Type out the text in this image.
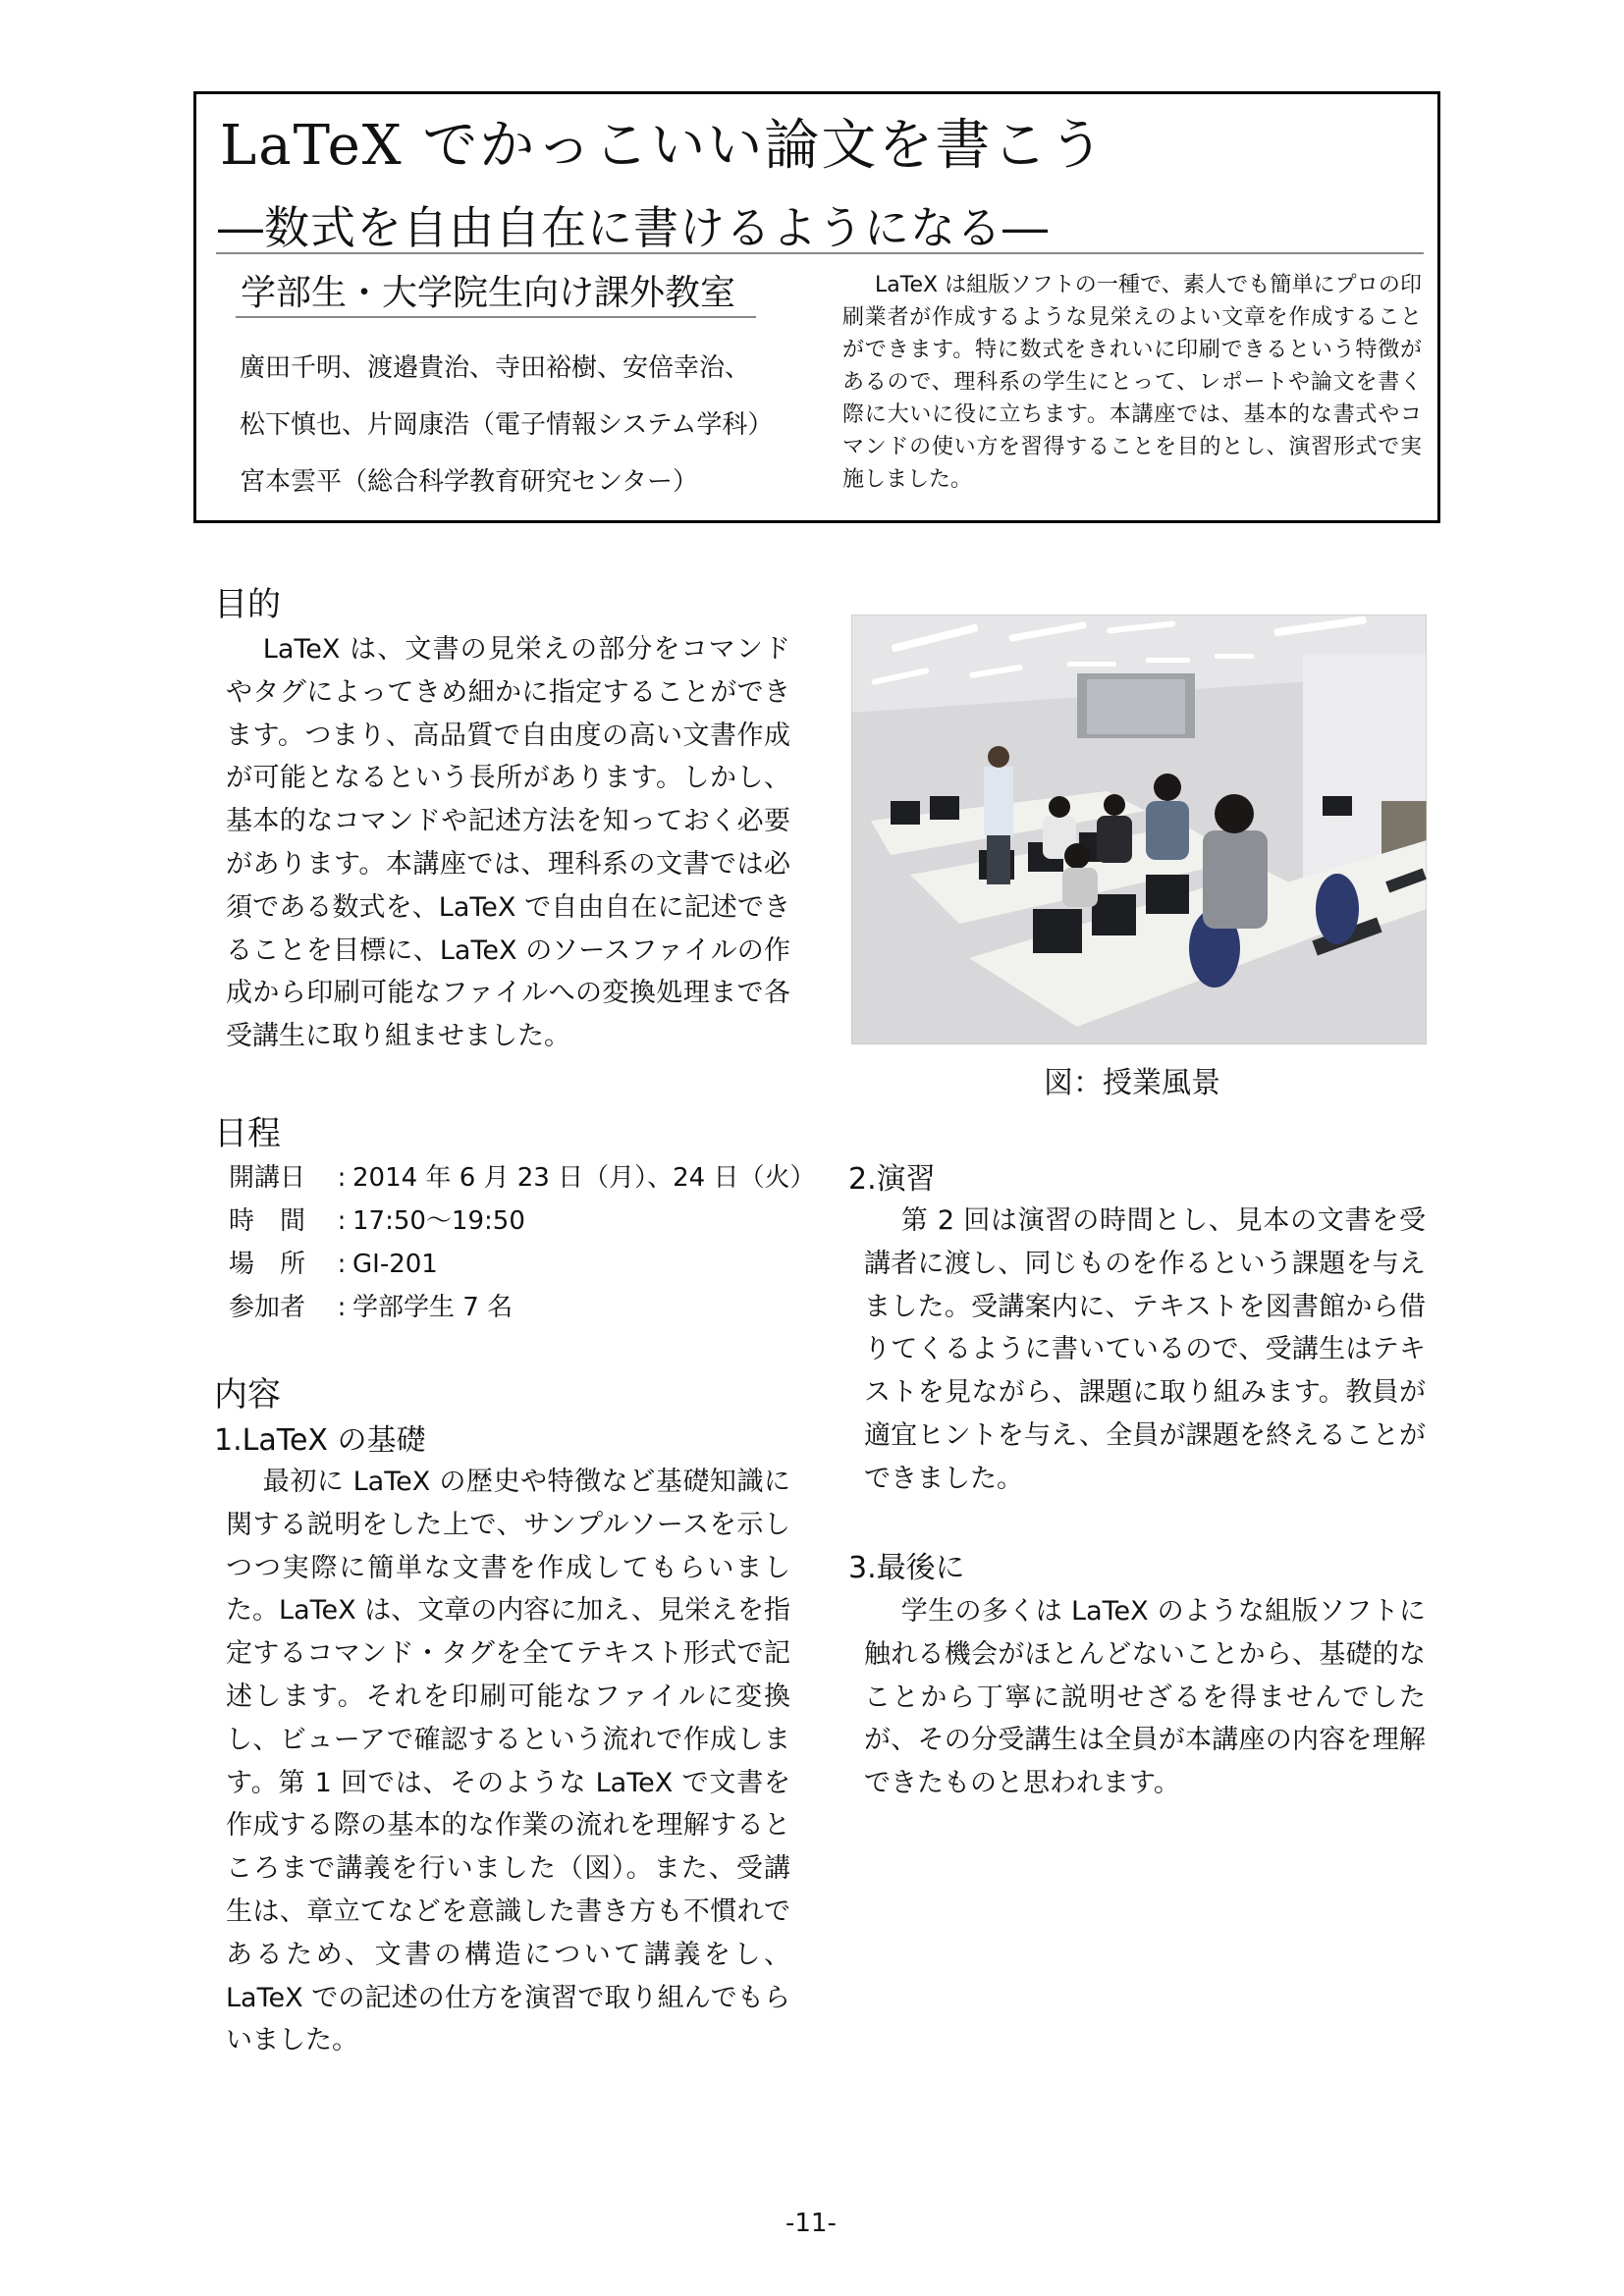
LaTeX でかっこいい論文を書こう
―数式を自由自在に書けるようになる―
学部生・大学院生向け課外教室
廣田千明、渡邉貴治、寺田裕樹、安倍幸治、
松下慎也、片岡康浩（電子情報システム学科）
宮本雲平（総合科学教育研究センター）
LaTeX は組版ソフトの一種で、素人でも簡単にプロの印刷業者が作成するような見栄えのよい文章を作成することができます。特に数式をきれいに印刷できるという特徴があるので、理科系の学生にとって、レポートや論文を書く際に大いに役に立ちます。本講座では、基本的な書式やコマンドの使い方を習得することを目的とし、演習形式で実施しました。
目的
LaTeX は、文書の見栄えの部分をコマンドやタグによってきめ細かに指定することができます。つまり、高品質で自由度の高い文書作成が可能となるという長所があります。しかし、基本的なコマンドや記述方法を知っておく必要があります。本講座では、理科系の文書では必須である数式を、LaTeX で自由自在に記述できることを目標に、LaTeX のソースファイルの作成から印刷可能なファイルへの変換処理まで各受講生に取り組ませました。
日程
開講日	: 2014 年 6 月 23 日（月）、24 日（火）
時　間	: 17:50～19:50
場　所	: GI-201
参加者	: 学部学生 7 名
内容
1.LaTeX の基礎
最初に LaTeX の歴史や特徴など基礎知識に関する説明をした上で、サンプルソースを示しつつ実際に簡単な文書を作成してもらいました。LaTeX は、文章の内容に加え、見栄えを指定するコマンド・タグを全てテキスト形式で記述します。それを印刷可能なファイルに変換し、ビューアで確認するという流れで作成します。第 1 回では、そのような LaTeX で文書を作成する際の基本的な作業の流れを理解するところまで講義を行いました（図）。また、受講生は、章立てなどを意識した書き方も不慣れであるため、文書の構造について講義をし、LaTeX での記述の仕方を演習で取り組んでもらいました。
図：授業風景
2.演習
第 2 回は演習の時間とし、見本の文書を受講者に渡し、同じものを作るという課題を与えました。受講案内に、テキストを図書館から借りてくるように書いているので、受講生はテキストを見ながら、課題に取り組みます。教員が適宜ヒントを与え、全員が課題を終えることができました。
3.最後に
学生の多くは LaTeX のような組版ソフトに触れる機会がほとんどないことから、基礎的なことから丁寧に説明せざるを得ませんでしたが、その分受講生は全員が本講座の内容を理解できたものと思われます。
-11-
